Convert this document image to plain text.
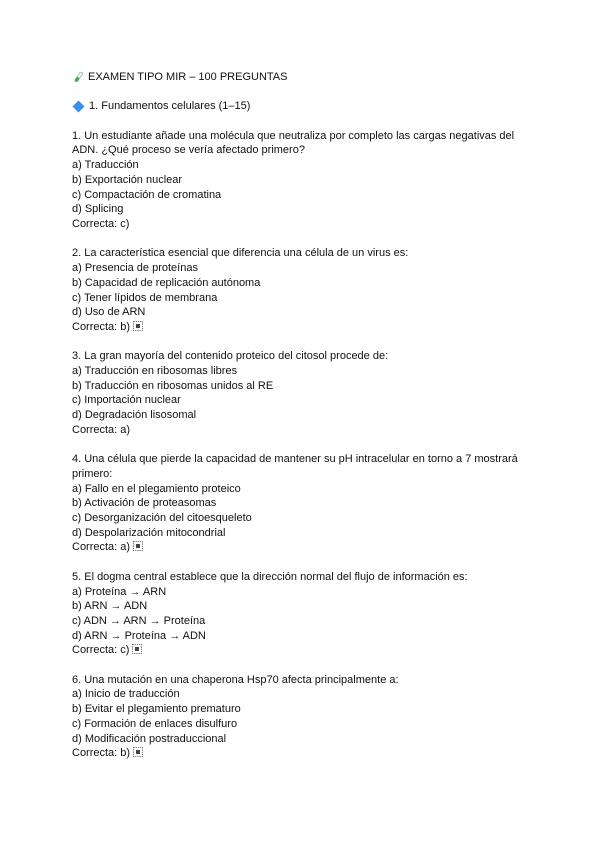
EXAMEN TIPO MIR – 100 PREGUNTAS
1. Fundamentos celulares (1–15)
1. Un estudiante añade una molécula que neutraliza por completo las cargas negativas del
ADN. ¿Qué proceso se vería afectado primero?
a) Traducción
b) Exportación nuclear
c) Compactación de cromatina
d) Splicing
Correcta: c)
2. La característica esencial que diferencia una célula de un virus es:
a) Presencia de proteínas
b) Capacidad de replicación autónoma
c) Tener lípidos de membrana
d) Uso de ARN
Correcta: b)
3. La gran mayoría del contenido proteico del citosol procede de:
a) Traducción en ribosomas libres
b) Traducción en ribosomas unidos al RE
c) Importación nuclear
d) Degradación lisosomal
Correcta: a)
4. Una célula que pierde la capacidad de mantener su pH intracelular en torno a 7 mostrará
primero:
a) Fallo en el plegamiento proteico
b) Activación de proteasomas
c) Desorganización del citoesqueleto
d) Despolarización mitocondrial
Correcta: a)
5. El dogma central establece que la dirección normal del flujo de información es:
a) Proteína → ARN
b) ARN → ADN
c) ADN → ARN → Proteína
d) ARN → Proteína → ADN
Correcta: c)
6. Una mutación en una chaperona Hsp70 afecta principalmente a:
a) Inicio de traducción
b) Evitar el plegamiento prematuro
c) Formación de enlaces disulfuro
d) Modificación postraduccional
Correcta: b)
